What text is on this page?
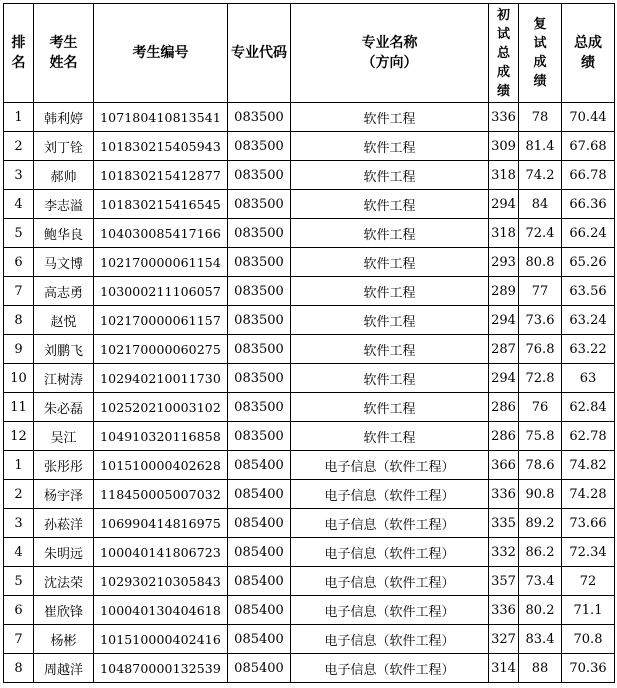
排名	考生姓名	考生编号	专业代码	专业名称（方向）	初试总成绩	复试成绩	总成绩

1	韩利婷	107180410813541	083500	软件工程	336	78	70.44
2	刘丁铨	101830215405943	083500	软件工程	309	81.4	67.68
3	郝帅	101830215412877	083500	软件工程	318	74.2	66.78
4	李志溢	101830215416545	083500	软件工程	294	84	66.36
5	鲍华良	104030085417166	083500	软件工程	318	72.4	66.24
6	马文博	102170000061154	083500	软件工程	293	80.8	65.26
7	高志勇	103000211106057	083500	软件工程	289	77	63.56
8	赵悦	102170000061157	083500	软件工程	294	73.6	63.24
9	刘鹏飞	102170000060275	083500	软件工程	287	76.8	63.22
10	江树涛	102940210011730	083500	软件工程	294	72.8	63
11	朱必磊	102520210003102	083500	软件工程	286	76	62.84
12	吴江	104910320116858	083500	软件工程	286	75.8	62.78
1	张彤彤	101510000402628	085400	电子信息（软件工程）	366	78.6	74.82
2	杨宇泽	118450005007032	085400	电子信息（软件工程）	336	90.8	74.28
3	孙菘洋	106990414816975	085400	电子信息（软件工程）	335	89.2	73.66
4	朱明远	100040141806723	085400	电子信息（软件工程）	332	86.2	72.34
5	沈法荣	102930210305843	085400	电子信息（软件工程）	357	73.4	72
6	崔欣锋	100040130404618	085400	电子信息（软件工程）	336	80.2	71.1
7	杨彬	101510000402416	085400	电子信息（软件工程）	327	83.4	70.8
8	周越洋	104870000132539	085400	电子信息（软件工程）	314	88	70.36
